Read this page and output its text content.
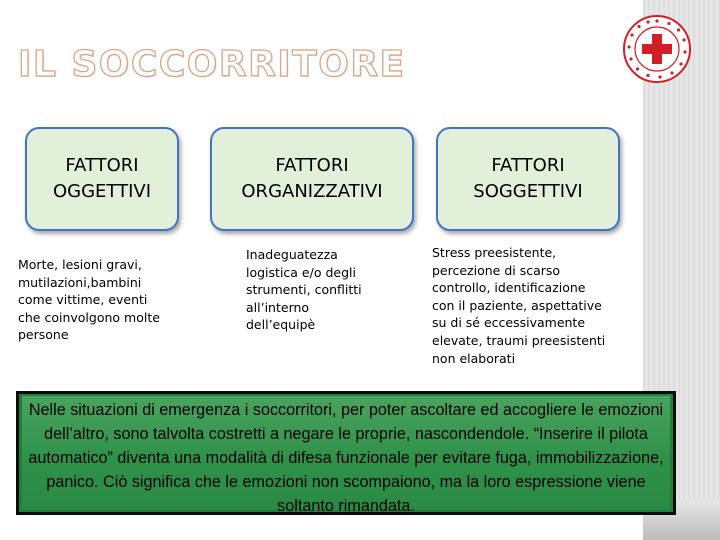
IL SOCCORRITORE
FATTORI
OGGETTIVI
FATTORI
ORGANIZZATIVI
FATTORI
SOGGETTIVI

Morte, lesioni gravi,
mutilazioni,bambini
come vittime, eventi
che coinvolgono molte
persone

Inadeguatezza
logistica e/o degli
strumenti, conflitti
all’interno
dell’equipè

Stress preesistente,
percezione di scarso
controllo, identificazione
con il paziente, aspettative
su di sé eccessivamente
elevate, traumi preesistenti
non elaborati

Nelle situazioni di emergenza i soccorritori, per poter ascoltare ed accogliere le emozioni dell’altro, sono talvolta costretti a negare le proprie, nascondendole. “Inserire il pilota automatico” diventa una modalità di difesa funzionale per evitare fuga, immobilizzazione, panico. Ciò significa che le emozioni non scompaiono, ma la loro espressione viene soltanto rimandata.
